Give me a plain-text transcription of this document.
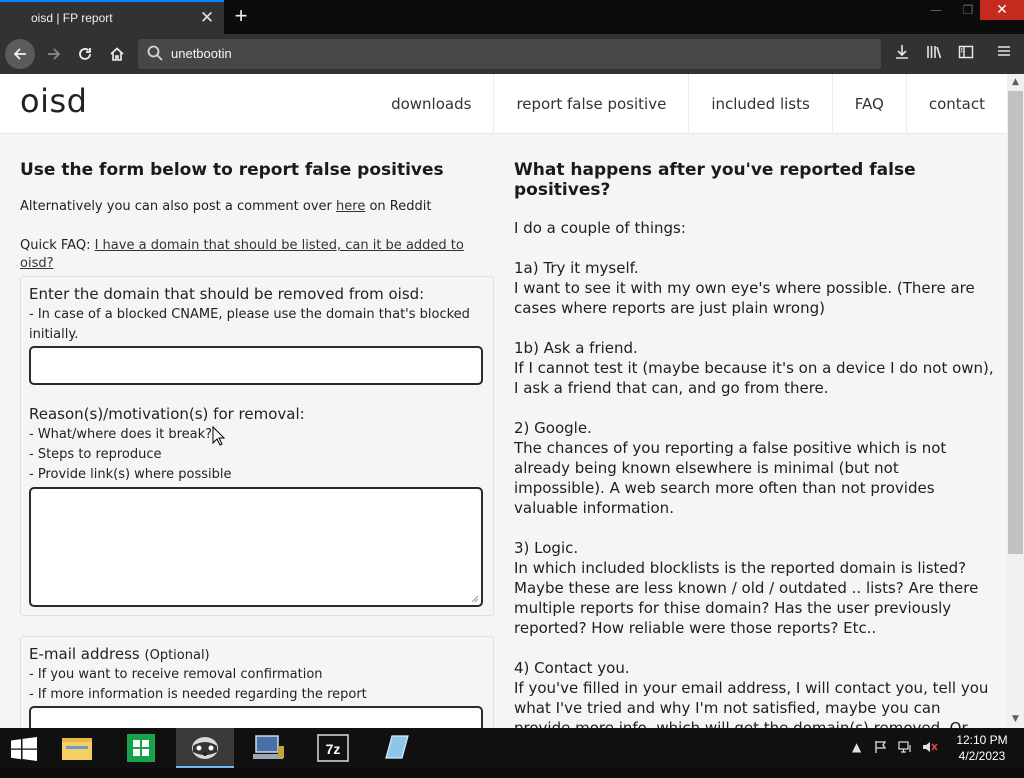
oisd | FP report	✕ +	—	❐	✕
unetbootin
oisd	downloads	report false positive	included lists	FAQ	contact
Use the form below to report false positives

Alternatively you can also post a comment over here on Reddit

Quick FAQ: I have a domain that should be listed, can it be added to oisd?

Enter the domain that should be removed from oisd:
- In case of a blocked CNAME, please use the domain that's blocked initially.
Reason(s)/motivation(s) for removal:
- What/where does it break?
- Steps to reproduce
- Provide link(s) where possible
E-mail address (Optional)
- If you want to receive removal confirmation
- If more information is needed regarding the report
What happens after you've reported false positives?

I do a couple of things:

1a) Try it myself.
I want to see it with my own eye's where possible. (There are cases where reports are just plain wrong)

1b) Ask a friend.
If I cannot test it (maybe because it's on a device I do not own), I ask a friend that can, and go from there.

2) Google.
The chances of you reporting a false positive which is not already being known elsewhere is minimal (but not impossible). A web search more often than not provides valuable information.

3) Logic.
In which included blocklists is the reported domain is listed? Maybe these are less known / old / outdated .. lists? Are there multiple reports for thise domain? Has the user previously reported? How reliable were those reports? Etc..

4) Contact you.
If you've filled in your email address, I will contact you, tell you what I've tried and why I'm not satisfied, maybe you can

▲
▼
7z	▲	12:10 PM
4/2/2023
